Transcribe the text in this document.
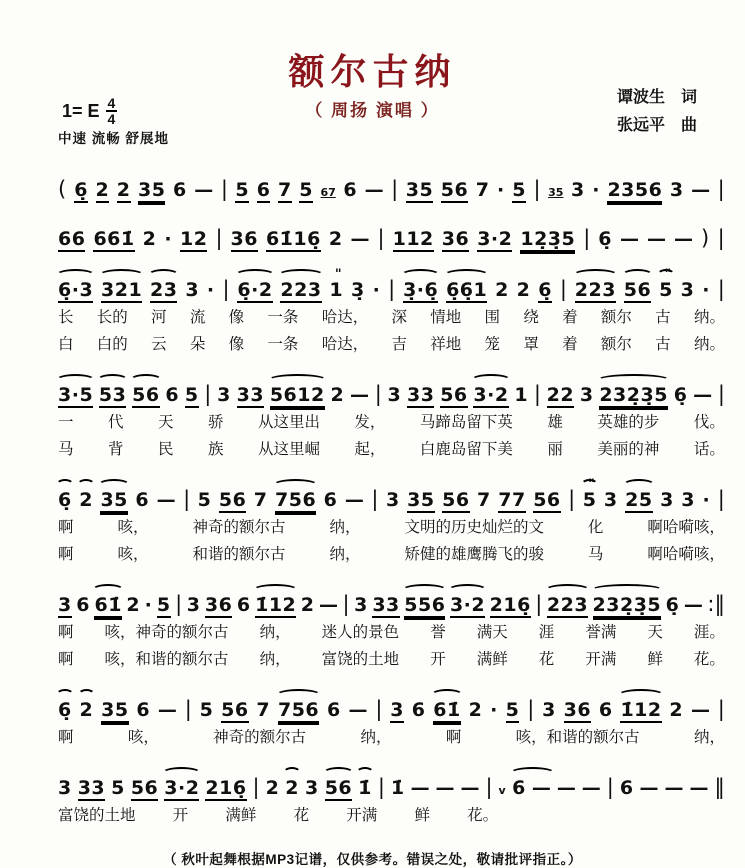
额尔古纳
（ 周扬 演唱 ）
谭波生　词
张远平　曲
1= E $\frac{4}{4}$
中速 流畅 舒展地
( 6̣ 2 2 35 6 — | 5 6 7 5 67 6 — | 35 56 7 · 5 | 35 3 · 2356 3 — |
66 661̇ 2 · 12 | 36 61̇16̣ 2 — | 112 36 3·2 12̣3̣5 | 6̣ — — — ) |
6̣·3 321 23 3 · | 6̣·2 223 1
"
3̣ · | 3̣·6̣ 6̣6̣1 2 2 6̣ | 223 56 5
"
3 · |
长 长的 河 流 像 一条 哈达， 深 情地 围 绕 着 额尔 古 纳。
白 白的 云 朵 像 一条 哈达， 吉 祥地 笼 罩 着 额尔 古 纳。
3·5 53 56 6 5 | 3 33 5612 2 — | 3 33 56 3·2 1 | 22 3 232̣3̣5 6̣ — |
一 代 天 骄 从这里出 发， 马蹄岛留下英 雄 英雄的步 伐。
马 背 民 族 从这里崛 起， 白鹿岛留下美 丽 美丽的神 话。
6̣ 2 35 6 — | 5 56 7 756 6 — | 3 35 56 7 77 56 | 5
"
3 25 3 3 · |
啊	咳，	神奇的额尔古	纳，	文明的历史灿烂的文	化	啊哈嗬咳，
啊	咳，	和谐的额尔古	纳，	矫健的雄鹰腾飞的骏	马	啊哈嗬咳，
3 6 61̇ 2 · 5 | 3 36 6 1̇12 2 — | 3 33 556 3·2 216̣ | 223 232̣3̣5 6̣ — :‖
啊 咳，神奇的额尔古 纳， 迷人的景色 誉 满天 涯 誉满 天 涯。
啊 咳，和谐的额尔古 纳， 富饶的土地 开 满鲜 花 开满 鲜 花。
6̣ 2 35 6 — | 5 56 7 756 6 — | 3 6 61̇ 2 · 5 | 3 36 6 1̇12 2 — |
啊	咳，	神奇的额尔古	纳，	啊	咳，和谐的额尔古	纳，
3 33 5 56 3·2 216̣ | 2 2 3 56 1̇ | 1̇ — — — | v 6 — — — | 6 — — — ‖
富饶的土地 开 满鲜 花 开满 鲜 花。
（ 秋叶起舞根据MP3记谱，仅供参考。错误之处，敬请批评指正。）
